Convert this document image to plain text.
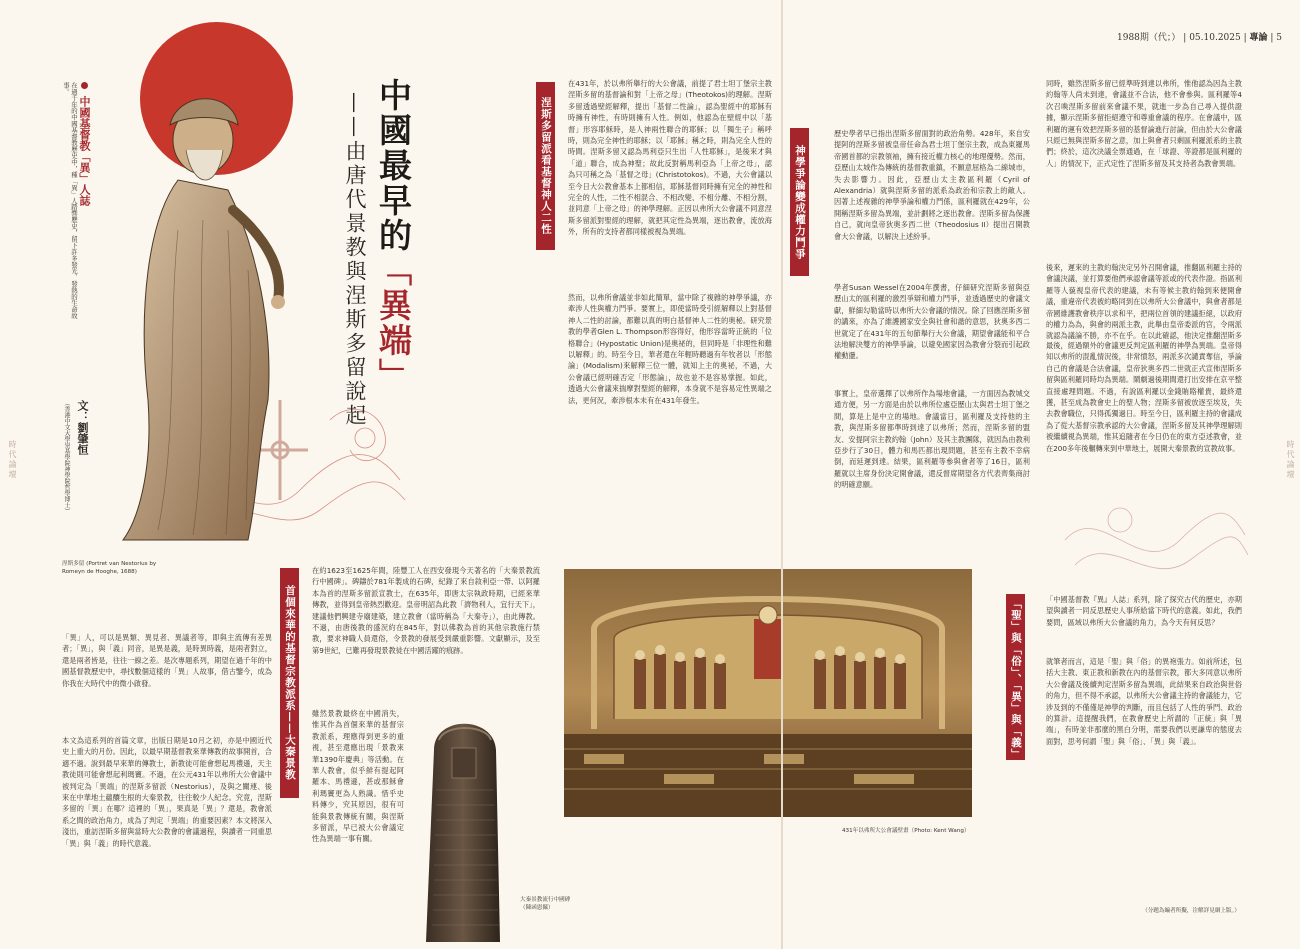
1988期（代；） | 05.10.2025 | 專論 | 5
中國基督教「異」人誌
在過千年的中國基督教歷史中，種「異」人踏響歷史，留下許多發光、發熱的生命故事。
文：劉肇恒
（香港中文大學崇基學院神學院哲學博士）
中國最早的「異端」
——由唐代景教與涅斯多留說起
涅斯多留 (Portret van Nestorius by Romeyn de Hooghe, 1688)
時代論壇	時代論壇
「異」人，可以是異類、異見者、異議者等，即與主流傳有差異者；「異」，與「義」同音，是異是義，是時異時義，是兩者對立，還是兩者皆是，往往一線之差。是次專題系列，期望在過千年的中國基督教歷史中，尋找數個這樣的「異」人故事，借古鑒今，成為你我在大時代中的微小啟發。
本文為這系列的首篇文章，出版日期是10月之初，亦是中國近代史上重大的月份。因此，以最早期基督教來華傳教的故事開首，合適不過。說到最早來華的傳教士，新教徒可能會想起馬禮遜，天主教徒則可能會想起利瑪竇。不過，在公元431年以弗所大公會議中被判定為「異端」的涅斯多留派（Nestorius），及與之關連、後來在中華地土蘊釀生根的大秦景教，往往較少人紀念。究竟，涅斯多留的「異」在哪？這裡的「異」，果真是「異」？還是，教會派系之間的政治角力，成為了判定「異端」的重要因素？本文將深入淺出，重訪涅斯多留與當時大公教會的會議過程，與讀者一同重思「異」與「義」的時代意義。
首個來華的基督宗教派系——大秦景教
在約1623至1625年間，陸豐工人在西安發現今天著名的「大秦景教流行中國碑」。碑鑄於781年製成的石碑，紀錄了來自敘利亞一帶、以阿羅本為首的涅斯多留派宣教士，在635年，即唐太宗執政時期，已經來華傳教，並得到皇帝熱烈歡迎。皇帝明詔為此教「濟物利人，宜行天下」，建議他們興建寺廟建築，建立教會（當時稱為「大秦寺」），由此傳教。不過，由唐後教的盛況約在845年，對以佛教為首的其他宗教施行禁教，要求神職人員還俗，令景教的發展受到嚴重影響。文獻顯示，及至第9世紀，已難再發現景教徒在中國活躍的痕跡。
雖然景教最終在中國消失，惟其作為首個來華的基督宗教派系，理應得到更多的重視，甚至還應出現「景教來華1390年慶典」等活動。在華人教會，似乎鮮有提起阿羅本、馬禮遜，甚或那穌會利瑪竇更為人熟識。惜乎史料傳少，究其原因，很有可能與景教傳統有關，與涅斯多留派，早已被大公會議定性為異端一事有關。
大秦景教流行中國碑（陳函恩攝）
涅斯多留派看基督神人二性
在431年，於以弗所舉行的大公會議，前提了君士坦丁堡宗主教涅斯多留的基督論和對「上帝之母」(Theotokos)的理解。涅斯多留透過壁經解釋，提出「基督二性論」，認為聖經中的耶穌有時擁有神性，有時則擁有人性。例如，他認為在壁經中以「基督」形容耶穌時，是人神兩性聯合的耶穌；以「獨生子」稱呼時，則為完全神性的耶穌；以「耶穌」稱之時，則為完全人性的時間。涅斯多留又認為馬利亞只生出「人性耶穌」，是後來才與「道」聯合，成為神聖；故此反對稱馬利亞為「上帝之母」，認為只可稱之為「基督之母」(Christotokos)。不過，大公會議以至今日大公教會基本上都相信，耶穌基督同時擁有完全的神性和完全的人性，二性不相混合、不相改變、不相分離、不相分割，並同意「上帝之母」的神學理解。正因以弗所大公會議不同意涅斯多留派對聖經的理解，就把其定性為異端，逐出教會，流放海外，所有的支持者都同樣被視為異端。
然而，以弗所會議並非如此簡單，當中除了複雜的神學爭議，亦牽涉人性與權力鬥爭。要實上，即使當時受引經解釋以上對基督神人二性的討論，都難以真的明白基督神人二性的奧秘。研究景教的學者Glen L. Thompson形容得好，他形容當時正統的「位格聯合」(Hypostatic Union)是奧祕的，但同時是「非理性和難以解釋」的。時至今日，華者還在年輕時聽過有年牧者以「形態論」(Modalism)來解釋三位一體，就知上主的奧祕，不過，大公會議已經明確否定「形態論」，故也並不是容易掌握。如此，透過大公會議來揣摩對聖經的解釋，本身就不是容易定性異端之法，更何況，牽涉根本未有在431年發生。
神學爭論變成權力鬥爭
歷史學者早已指出涅斯多留面對的政治角勢。428年，來自安提阿的涅斯多留被皇帝任命為君士坦丁堡宗主教，成為東羅馬帝國首都的宗教領袖，擁有接近權力核心的地理優勢。然而，亞歷山太城作為傳統的基督教重鎮，不願意屈格為二線城市，失去影響力。因此，亞歷山太主教區利羅（Cyril of Alexandria）就與涅斯多留的派系為政治和宗教上的敵人。因著上述複雜的神學爭論和權力鬥係，區利羅就在429年，公開稱涅斯多留為異端，並計劃將之逐出教會。涅斯多留為保護自己，就向皇帝狄奧多西二世（Theodosius II）提出召開教會大公會議，以解決上述紛爭。
學者Susan Wessel在2004年撰書，仔細研究涅斯多留與亞歷山太的區利羅的激烈爭辯和權力鬥爭，並透過歷史的會議文獻，鮮細勾勒當時以弗所大公會議的情況。除了回應涅斯多留的講來，亦為了維護國家安全與社會和諧的意思，狄奧多西二世就定了在431年的五旬節舉行大公會議，期望會議能和平合法地解決雙方的神學爭論，以避免國家因為教會分裂而引起政權動盪。
事實上，皇帝選擇了以弗所作為場地會議，一方面因為教城交通方便，另一方面是由於以弗所位處亞歷山太與君士坦丁堡之間，算是上是中立的場地。會議當日，區利羅及支持他的主教，與涅斯多留都準時到達了以弗所；然而，涅斯多留的盟友、安提阿宗主教約翰（John）及其主教團隊，就因為由教利亞步行了30日，體力和馬匹都出現問題，甚至有主教不幸病倒，而延遲到達。結果，區利羅等參與會者等了16日，區利羅就以主席身份決定開會議，還反督席期望各方代表齊集商討的明確意願。
同時，雖然涅斯多留已經準時到達以弗所，惟他認為因為主教約翰等人尚未到達，會議並不合法，他不會參與。區利羅等4次召喚涅斯多留前來會議不果，就進一步為自己尋入提供證據，顯示涅斯多留拒絕遵守和尊重會議的程序。在會議中，區利羅的運有效把涅斯多留的基督論進行討論，但由於大公會議只經已無與涅斯多留之意，加上與會者只剩區利羅派系的主教們；終於，這次決議全票通過，在「球證、等證都是區利羅的人」的情況下，正式定性了涅斯多留及其支持者為教會異端。
後來，遲來的主教約翰決定另外召開會議，推翻區利羅主持的會議決議，並打算要他們承認會議等派或的代表作證。指區利羅等人藐視皇帝代表的建議，未有等候主教約翰到來便開會議，重違帝代表被約略同到在以弗所大公會議中，與會者都是帝國維護教會秩序以求和平，把兩位首領的建議拒絕，以政府的權力為為，與會的兩派主教，此舉由皇帝委派的官，令兩派就認為議論不勝，亦不在乎。在以此確認，他決定推翻涅斯多
最後，經過額外的會議更反判定區利羅的神學為異端。皇帝得知以弗所的混亂情況後，非常憤怒，兩派多次譴責奪信，爭論自己的會議是合法會議，皇帝狄奧多西二世就正式宣佈涅斯多留與區利羅同時均為異端。鬧劇過後期間還打出安排在京平整直接處理問題。不過，有說區利羅以金錢賄賂權貴，最終還獲，甚至成為教會史上的聖人物；涅斯多留被放逐至埃及，失去教會職位，只得孤獨過日。時至今日，區利羅主持的會議成為了從大基督宗教承認的大公會議，涅斯多留及其神學理解則被繼續視為異端，惟其追隨者在今日仍在的東方亞述教會，並在200多年後輾轉來到中華地土，展開大秦景教的宣教故事。
「聖」與「俗」、「異」與「義」	「中國基督教『異』人誌」系列，除了探究古代的歷史，亦期望與讀者一同反思歷史人事所給當下時代的意義。如此，我們要問，區域以弗所大公會議的角力，為今天有何反思？
就筆者而言，這是「聖」與「俗」的異袍張力。如前所述，包括大主教、東正教和新教在內的基督宗教，都大多同意以弗所大公會議及後續判定涅斯多留為異端，此結果來自政治與世俗的角力，但不得不承認，以弗所大公會議主持的會議能力，它涉及到的不僅僅是神學的判斷，而且包括了人性的爭鬥、政治的算計。這提醒我們，在教會歷史上所謂的「正統」與「異端」，有時並非那麼的黑白分明，需要我們以更謙卑的態度去面對，思考何謂「聖」與「俗」、「異」與「義」。
（分題為編者所擬，注解詳見網上版。）
431年以弗所大公會議壁畫（Photo: Kent Wang）
